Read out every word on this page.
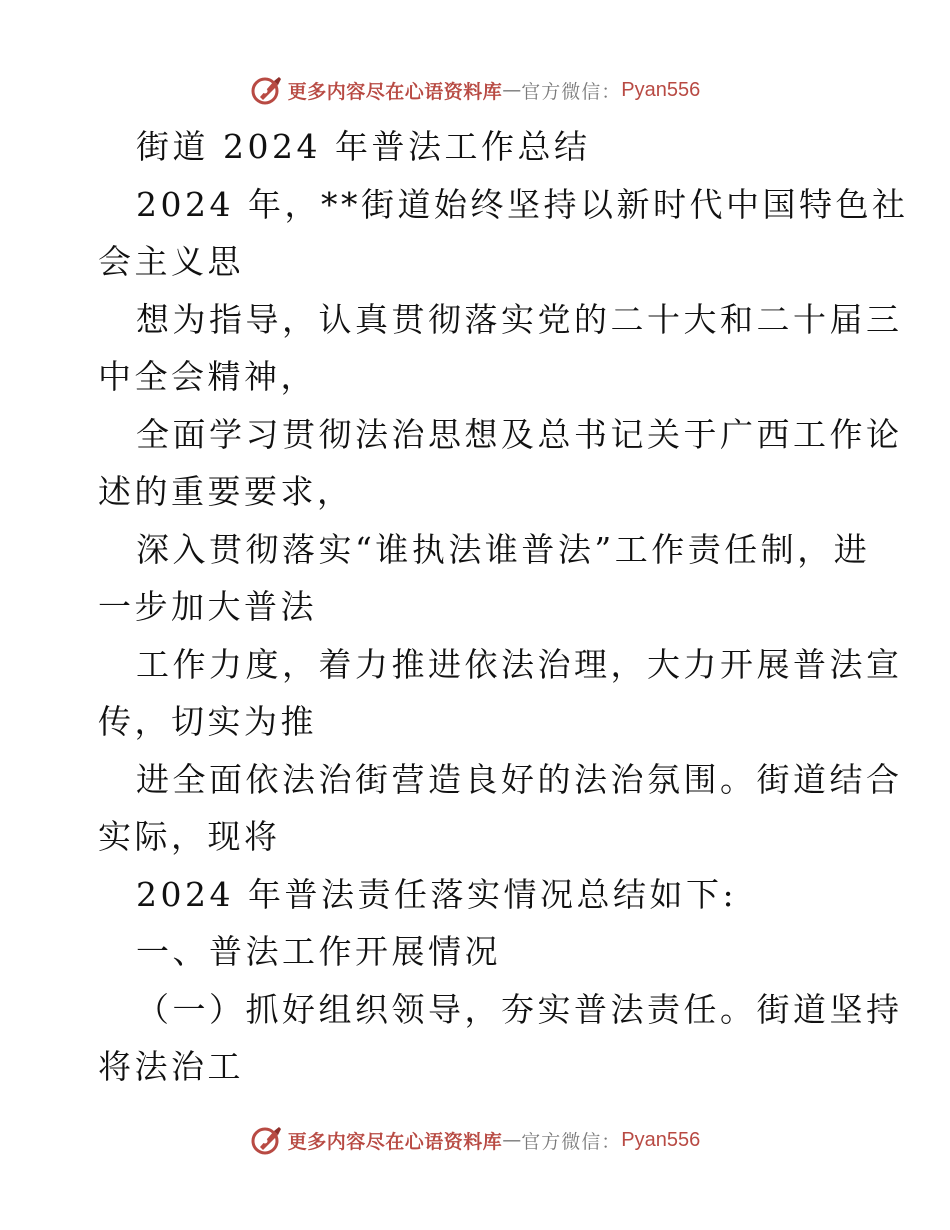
更多内容尽在心语资料库 — 官方微信： Pyan556

街道 2024 年普法工作总结

2024 年，**街道始终坚持以新时代中国特色社

会主义思

想为指导，认真贯彻落实党的二十大和二十届三

中全会精神，

全面学习贯彻法治思想及总书记关于广西工作论

述的重要要求，

深入贯彻落实“谁执法谁普法”工作责任制，进

一步加大普法

工作力度，着力推进依法治理，大力开展普法宣

传，切实为推

进全面依法治街营造良好的法治氛围。街道结合

实际，现将

2024 年普法责任落实情况总结如下:

一、普法工作开展情况

（一）抓好组织领导，夯实普法责任。街道坚持

将法治工

更多内容尽在心语资料库 — 官方微信： Pyan556
